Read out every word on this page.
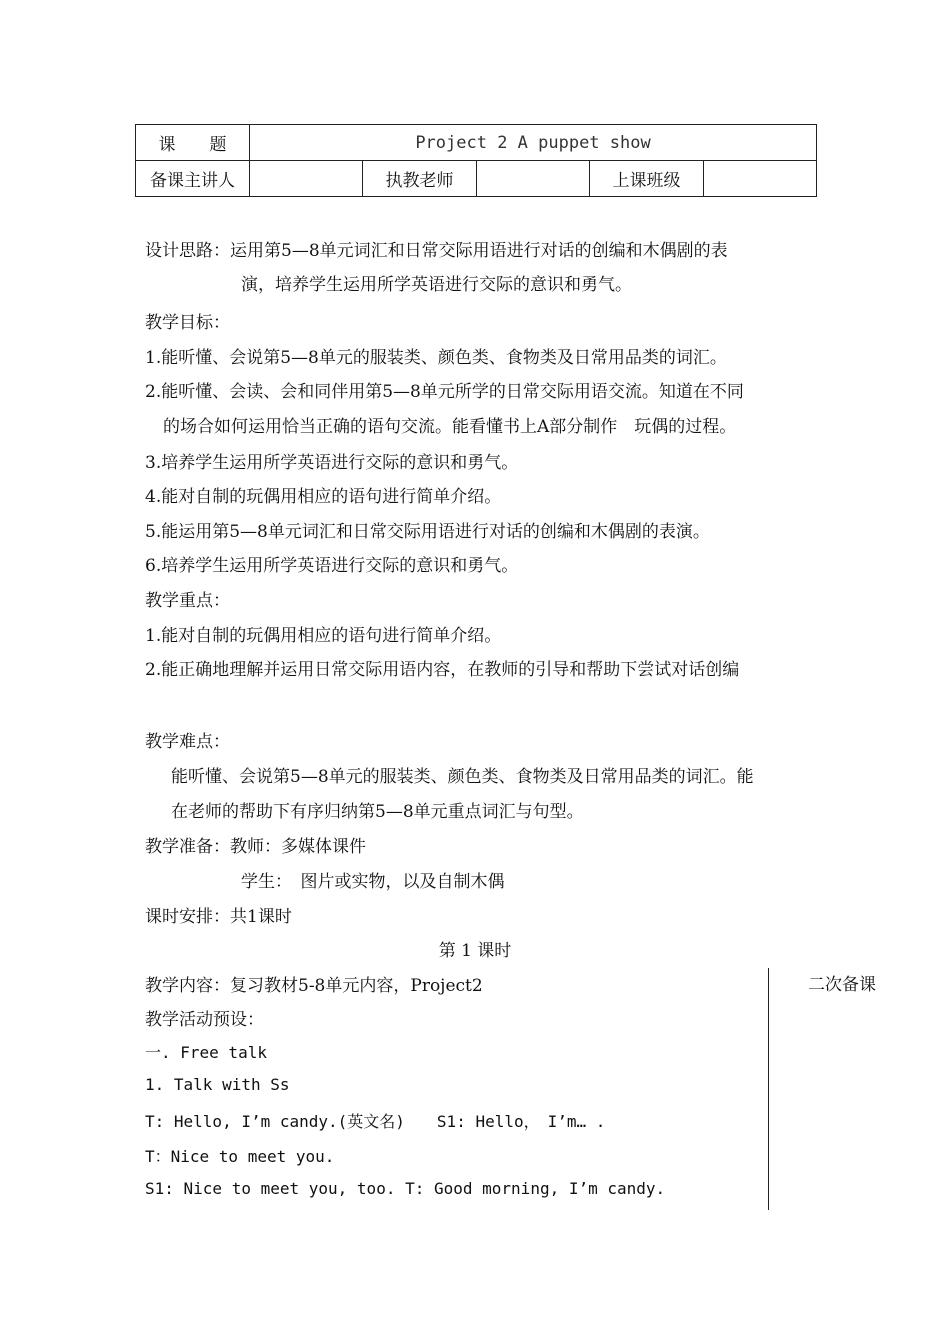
课　　题	Project 2 A puppet show				
备课主讲人		执教老师		上课班级	
设计思路：运用第5—8单元词汇和日常交际用语进行对话的创编和木偶剧的表
演，培养学生运用所学英语进行交际的意识和勇气。
教学目标：
1.能听懂、会说第5—8单元的服装类、颜色类、食物类及日常用品类的词汇。
2.能听懂、会读、会和同伴用第5—8单元所学的日常交际用语交流。知道在不同
的场合如何运用恰当正确的语句交流。能看懂书上A部分制作　玩偶的过程。
3.培养学生运用所学英语进行交际的意识和勇气。
4.能对自制的玩偶用相应的语句进行简单介绍。
5.能运用第5—8单元词汇和日常交际用语进行对话的创编和木偶剧的表演。
6.培养学生运用所学英语进行交际的意识和勇气。
教学重点：
1.能对自制的玩偶用相应的语句进行简单介绍。
2.能正确地理解并运用日常交际用语内容，在教师的引导和帮助下尝试对话创编
教学难点：
能听懂、会说第5—8单元的服装类、颜色类、食物类及日常用品类的词汇。能
在老师的帮助下有序归纳第5—8单元重点词汇与句型。
教学准备：教师：多媒体课件
学生：　图片或实物，以及自制木偶
课时安排：共1课时
第 1 课时
教学内容：复习教材5-8单元内容，Project2
教学活动预设：
一. Free talk
1. Talk with Ss
T: Hello, I’m candy.(英文名)　　S1: Hello，　I’m… .
T：Nice to meet you.
S1: Nice to meet you, too. T: Good morning, I’m candy.
二次备课
